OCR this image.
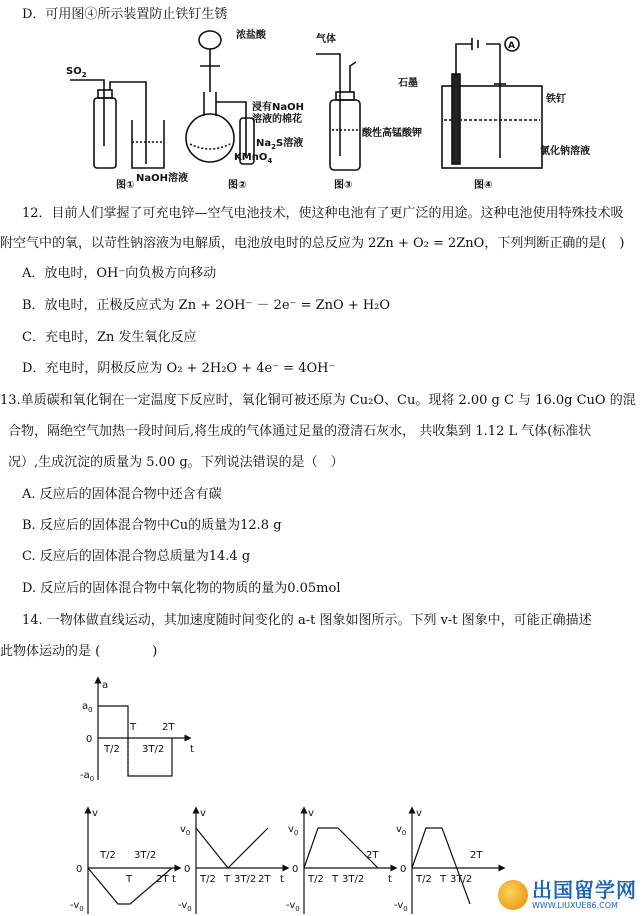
D．可用图④所示装置防止铁钉生锈
$SO_2$
NaOH溶液
浓盐酸
浸有NaOH
溶液的棉花
$Na_2S$溶液
KMnO$_4$
气体
酸性高锰酸钾
石墨
铁钉
氯化钠溶液
A
图①	图②	图③	图④
12．目前人们掌握了可充电锌—空气电池技术，使这种电池有了更广泛的用途。这种电池使用特殊技术吸
附空气中的氧，以苛性钠溶液为电解质，电池放电时的总反应为 2Zn + O₂ = 2ZnO，下列判断正确的是(　)
A．放电时，OH⁻向负极方向移动
B．放电时，正极反应式为 Zn + 2OH⁻ － 2e⁻ = ZnO + H₂O
C．充电时，Zn 发生氧化反应
D．充电时，阴极反应为 O₂ + 2H₂O + 4e⁻ = 4OH⁻
13.单质碳和氧化铜在一定温度下反应时，氧化铜可被还原为 Cu₂O、Cu。现将 2.00 g C 与 16.0g CuO 的混
合物，隔绝空气加热一段时间后,将生成的气体通过足量的澄清石灰水， 共收集到 1.12 L 气体(标准状
况）,生成沉淀的质量为 5.00 g。下列说法错误的是（　）
A. 反应后的固体混合物中还含有碳
B. 反应后的固体混合物中Cu的质量为12.8 g
C. 反应后的固体混合物总质量为14.4 g
D. 反应后的固体混合物中氧化物的物质的量为0.05mol
14. 一物体做直线运动，其加速度随时间变化的 a-t 图象如图所示。下列 v-t 图象中，可能正确描述
此物体运动的是 (　　　　)
a
$a_0$
0
$-a_0$
t
T	2T
T/2 3T/2
v
0
$-v_0$
T/2 3T/2
T 2T t
v
$v_0$
0
$-v_0$
T/2 T 3T/2 2T t
v
$v_0$
0
$-v_0$
T/2 T 3T/2
2T
t
v
$v_0$
0
$-v_0$
T/2 T 3T/2
2T
出国留学网
WWW.LIUXUE86.COM
